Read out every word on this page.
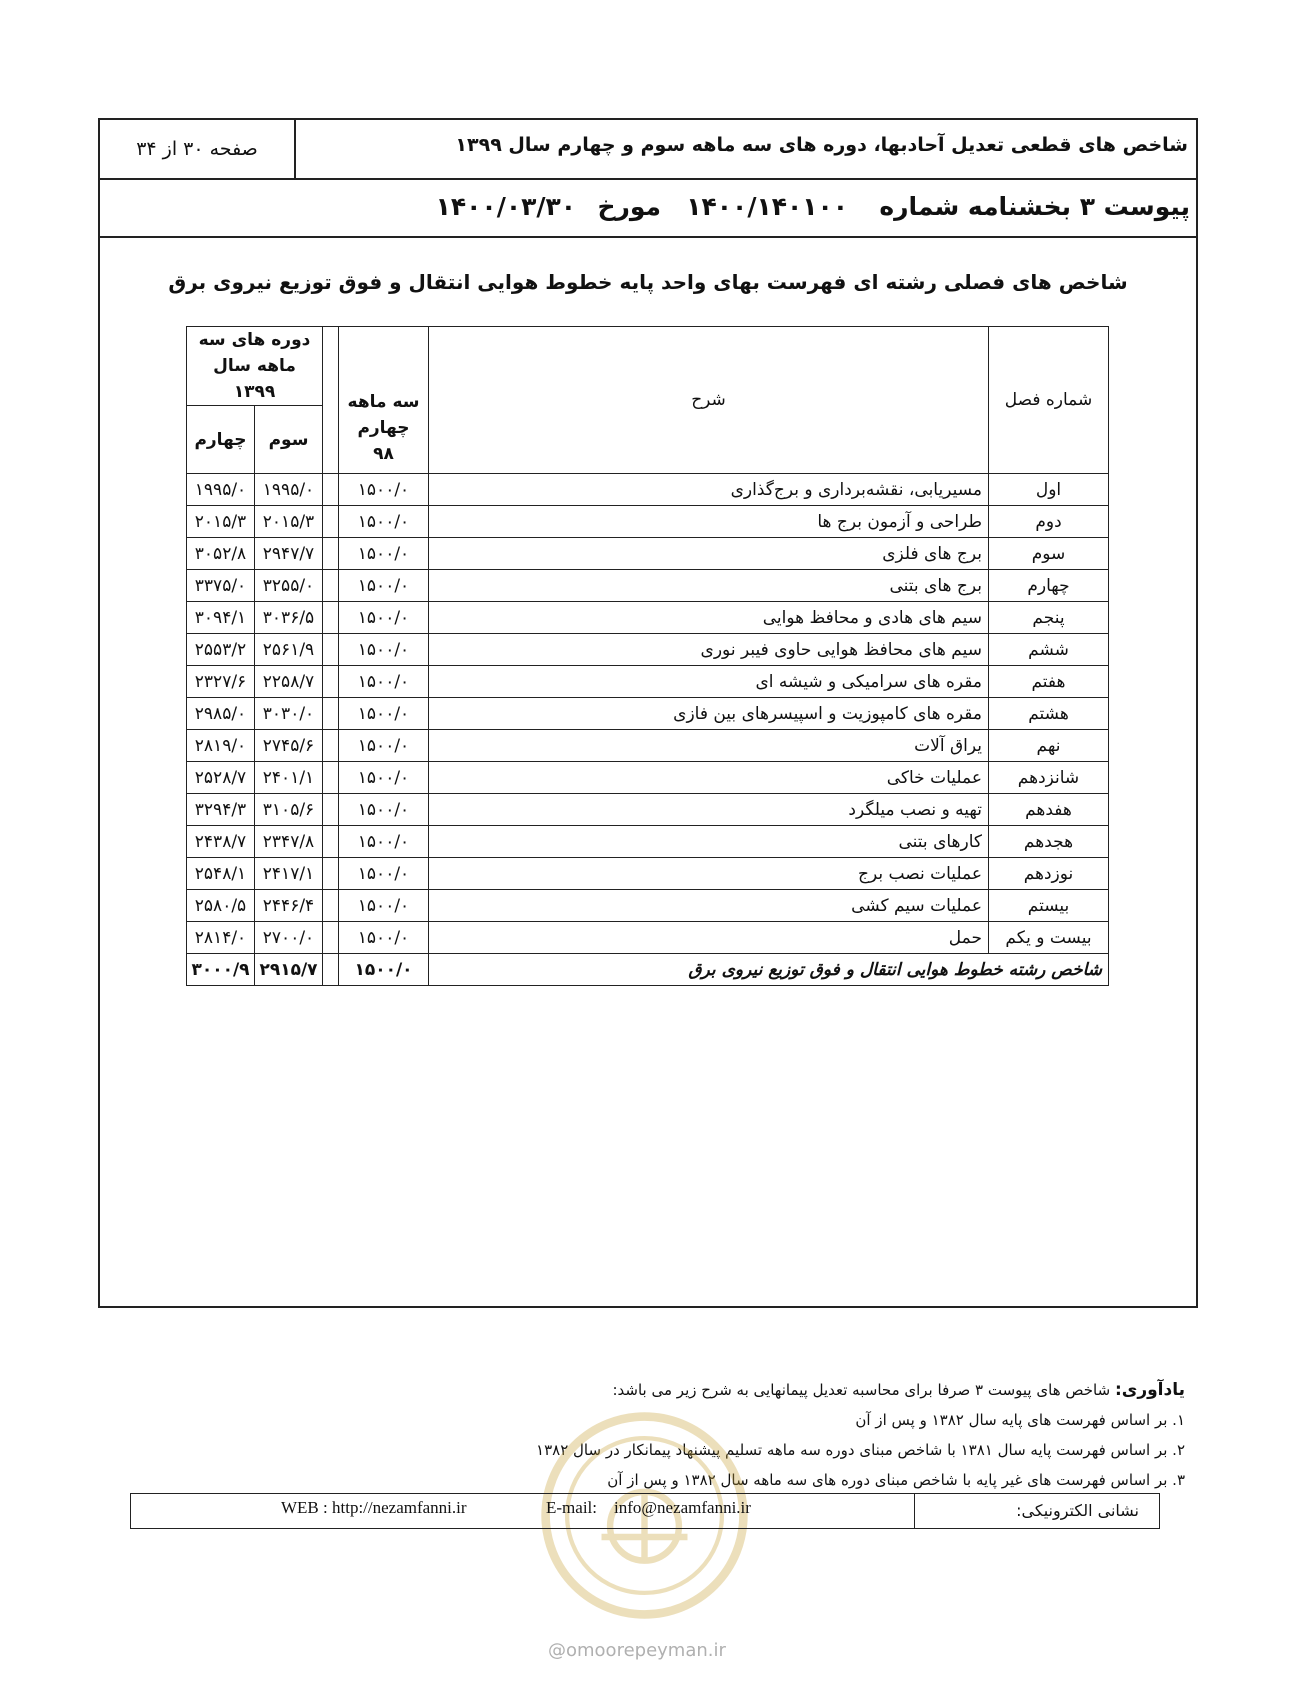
شاخص های قطعی تعدیل آحادبها، دوره های سه ماهه سوم و چهارم سال ۱۳۹۹
صفحه ۳۰ از ۳۴
پیوست ۳ بخشنامه شماره
۱۴۰۰/۱۴۰۱۰۰
مورخ
۱۴۰۰/۰۳/۳۰
شاخص های فصلی رشته ای فهرست بهای واحد پایه خطوط هوایی انتقال و فوق توزیع نیروی برق
شماره فصل	شرح	سه ماهه چهارم ۹۸		دوره های سه ماهه سال ۱۳۹۹	
				سوم	چهارم
اول	مسیریابی، نقشه‌برداری و برج‌گذاری	۱۵۰۰/۰		۱۹۹۵/۰	۱۹۹۵/۰
دوم	طراحی و آزمون برج ها	۱۵۰۰/۰		۲۰۱۵/۳	۲۰۱۵/۳
سوم	برج های فلزی	۱۵۰۰/۰		۲۹۴۷/۷	۳۰۵۲/۸
چهارم	برج های بتنی	۱۵۰۰/۰		۳۲۵۵/۰	۳۳۷۵/۰
پنجم	سیم های هادی و محافظ هوایی	۱۵۰۰/۰		۳۰۳۶/۵	۳۰۹۴/۱
ششم	سیم های محافظ هوایی حاوی فیبر نوری	۱۵۰۰/۰		۲۵۶۱/۹	۲۵۵۳/۲
هفتم	مقره های سرامیکی و شیشه ای	۱۵۰۰/۰		۲۲۵۸/۷	۲۳۲۷/۶
هشتم	مقره های کامپوزیت و اسپیسرهای بین فازی	۱۵۰۰/۰		۳۰۳۰/۰	۲۹۸۵/۰
نهم	یراق آلات	۱۵۰۰/۰		۲۷۴۵/۶	۲۸۱۹/۰
شانزدهم	عملیات خاکی	۱۵۰۰/۰		۲۴۰۱/۱	۲۵۲۸/۷
هفدهم	تهیه و نصب میلگرد	۱۵۰۰/۰		۳۱۰۵/۶	۳۲۹۴/۳
هجدهم	کارهای بتنی	۱۵۰۰/۰		۲۳۴۷/۸	۲۴۳۸/۷
نوزدهم	عملیات نصب برج	۱۵۰۰/۰		۲۴۱۷/۱	۲۵۴۸/۱
بیستم	عملیات سیم کشی	۱۵۰۰/۰		۲۴۴۶/۴	۲۵۸۰/۵
بیست و یکم	حمل	۱۵۰۰/۰		۲۷۰۰/۰	۲۸۱۴/۰
شاخص رشته خطوط هوایی انتقال و فوق توزیع نیروی برق		۱۵۰۰/۰		۲۹۱۵/۷	۳۰۰۰/۹
یادآوری: شاخص های پیوست ۳ صرفا برای محاسبه تعدیل پیمانهایی به شرح زیر می باشد:
۱. بر اساس فهرست های پایه سال ۱۳۸۲ و پس از آن
۲. بر اساس فهرست پایه سال ۱۳۸۱ با شاخص مبنای دوره سه ماهه تسلیم پیشنهاد پیمانکار در سال ۱۳۸۲
۳. بر اساس فهرست های غیر پایه با شاخص مبنای دوره های سه ماهه سال ۱۳۸۲ و پس از آن
نشانی الکترونیکی:
E-mail:    info@nezamfanni.ir
WEB : http://nezamfanni.ir
@omoorepeyman.ir
